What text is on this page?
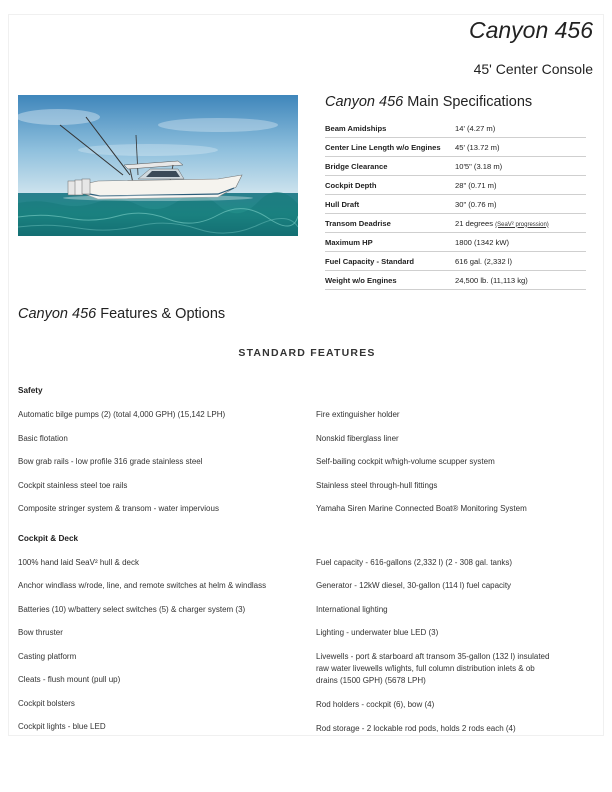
Canyon 456
45' Center Console
Canyon 456 Main Specifications
Beam Amidships	14' (4.27 m)
Center Line Length w/o Engines	45' (13.72 m)
Bridge Clearance	10'5" (3.18 m)
Cockpit Depth	28" (0.71 m)
Hull Draft	30" (0.76 m)
Transom Deadrise	21 degrees (SeaV² progression)
Maximum HP	1800 (1342 kW)
Fuel Capacity - Standard	616 gal. (2,332 l)
Weight w/o Engines	24,500 lb. (11,113 kg)
Canyon 456 Features & Options
STANDARD FEATURES
Safety
Automatic bilge pumps (2) (total 4,000 GPH) (15,142 LPH)
Basic flotation
Bow grab rails - low profile 316 grade stainless steel
Cockpit stainless steel toe rails
Composite stringer system & transom - water impervious
Fire extinguisher holder
Nonskid fiberglass liner
Self-bailing cockpit w/high-volume scupper system
Stainless steel through-hull fittings
Yamaha Siren Marine Connected Boat® Monitoring System
Cockpit & Deck
100% hand laid SeaV² hull & deck
Anchor windlass w/rode, line, and remote switches at helm & windlass
Batteries (10) w/battery select switches (5) & charger system (3)
Bow thruster
Casting platform
Cleats - flush mount (pull up)
Cockpit bolsters
Cockpit lights - blue LED
Fuel capacity - 616-gallons (2,332 l) (2 - 308 gal. tanks)
Generator - 12kW diesel, 30-gallon (114 l) fuel capacity
International lighting
Lighting - underwater blue LED (3)
Livewells - port & starboard aft transom 35-gallon (132 l) insulated raw water livewells w/lights, full column distribution inlets & ob drains (1500 GPH) (5678 LPH)
Rod holders - cockpit (6), bow (4)
Rod storage - 2 lockable rod pods, holds 2 rods each (4)
